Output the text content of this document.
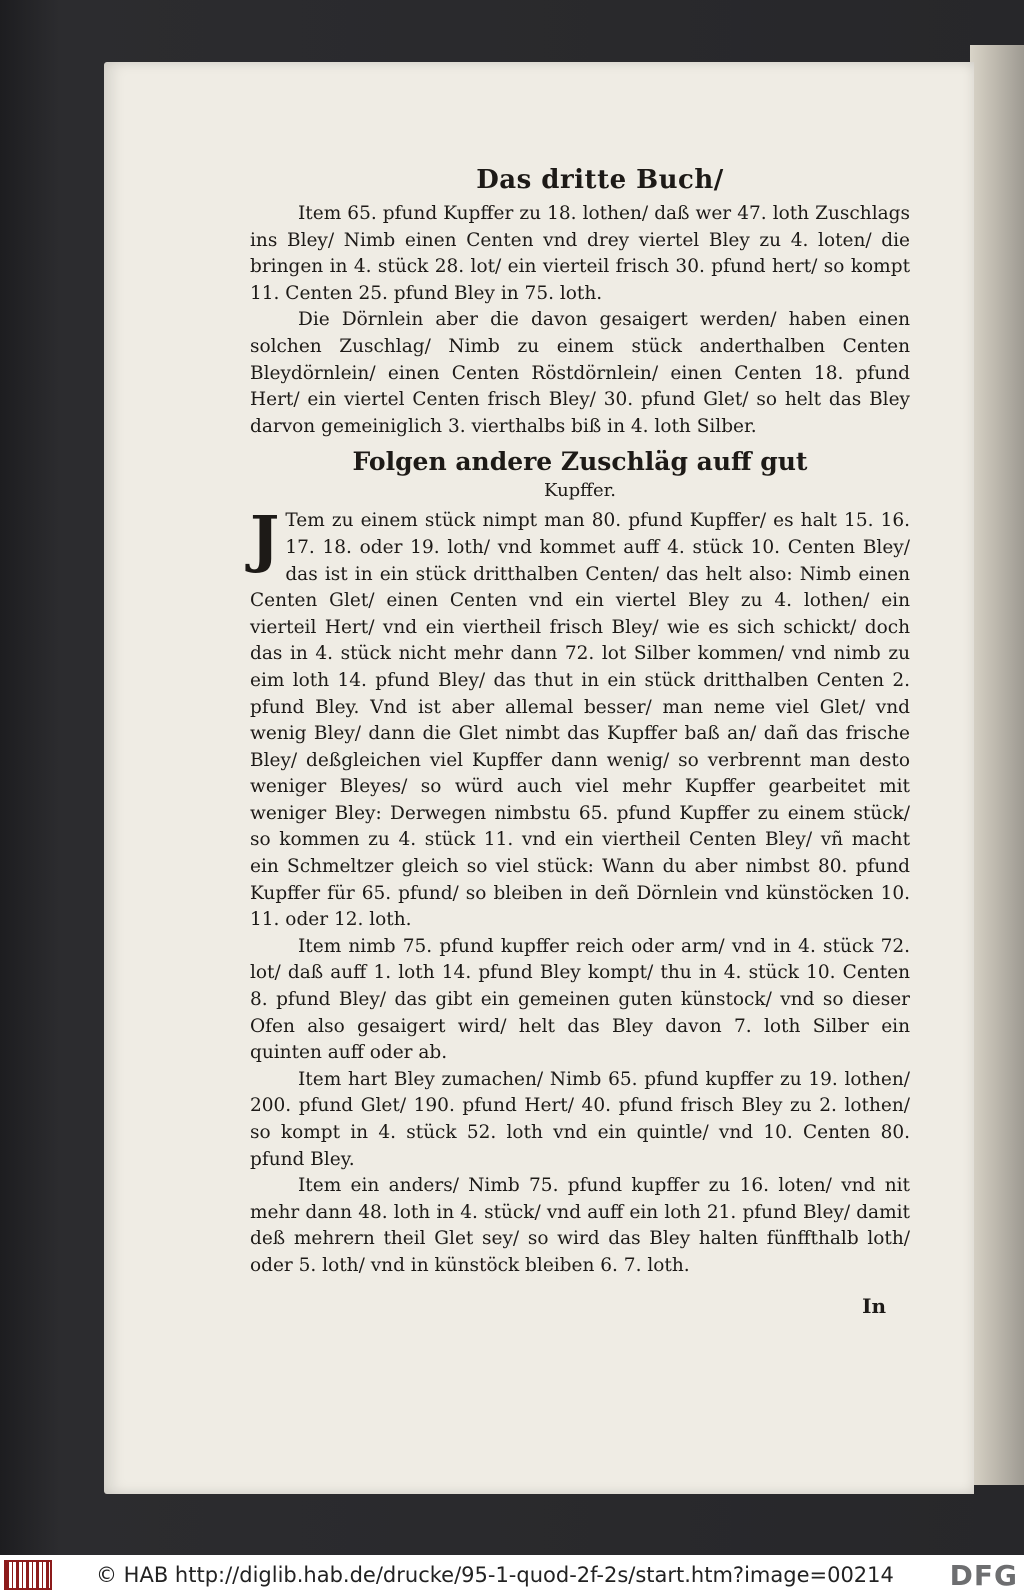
Das dritte Buch/

Item 65. pfund Kupffer zu 18. lothen/ daß wer 47. loth Zuschlags ins Bley/ Nimb einen Centen vnd drey viertel Bley zu 4. loten/ die bringen in 4. stück 28. lot/ ein vierteil frisch 30. pfund hert/ so kompt 11. Centen 25. pfund Bley in 75. loth.

Die Dörnlein aber die davon gesaigert werden/ haben einen solchen Zuschlag/ Nimb zu einem stück anderthalben Centen Bleydörnlein/ einen Centen Röstdörnlein/ einen Centen 18. pfund Hert/ ein viertel Centen frisch Bley/ 30. pfund Glet/ so helt das Bley darvon gemeiniglich 3. vierthalbs biß in 4. loth Silber.

Folgen andere Zuschläg auff gut
Kupffer.

J Tem zu einem stück nimpt man 80. pfund Kupffer/ es halt 15. 16. 17. 18. oder 19. loth/ vnd kommet auff 4. stück 10. Centen Bley/ das ist in ein stück dritthalben Centen/ das helt also: Nimb einen Centen Glet/ einen Centen vnd ein viertel Bley zu 4. lothen/ ein vierteil Hert/ vnd ein viertheil frisch Bley/ wie es sich schickt/ doch das in 4. stück nicht mehr dann 72. lot Silber kommen/ vnd nimb zu eim loth 14. pfund Bley/ das thut in ein stück dritthalben Centen 2. pfund Bley. Vnd ist aber allemal besser/ man neme viel Glet/ vnd wenig Bley/ dann die Glet nimbt das Kupffer baß an/ dañ das frische Bley/ deßgleichen viel Kupffer dann wenig/ so verbrennt man desto weniger Bleyes/ so würd auch viel mehr Kupffer gearbeitet mit weniger Bley: Derwegen nimbstu 65. pfund Kupffer zu einem stück/ so kommen zu 4. stück 11. vnd ein viertheil Centen Bley/ vñ macht ein Schmeltzer gleich so viel stück: Wann du aber nimbst 80. pfund Kupffer für 65. pfund/ so bleiben in deñ Dörnlein vnd künstöcken 10. 11. oder 12. loth.

Item nimb 75. pfund kupffer reich oder arm/ vnd in 4. stück 72. lot/ daß auff 1. loth 14. pfund Bley kompt/ thu in 4. stück 10. Centen 8. pfund Bley/ das gibt ein gemeinen guten künstock/ vnd so dieser Ofen also gesaigert wird/ helt das Bley davon 7. loth Silber ein quinten auff oder ab.

Item hart Bley zumachen/ Nimb 65. pfund kupffer zu 19. lothen/ 200. pfund Glet/ 190. pfund Hert/ 40. pfund frisch Bley zu 2. lothen/ so kompt in 4. stück 52. loth vnd ein quintle/ vnd 10. Centen 80. pfund Bley.

Item ein anders/ Nimb 75. pfund kupffer zu 16. loten/ vnd nit mehr dann 48. loth in 4. stück/ vnd auff ein loth 21. pfund Bley/ damit deß mehrern theil Glet sey/ so wird das Bley halten fünffthalb loth/ oder 5. loth/ vnd in künstöck bleiben 6. 7. loth.

In
© HAB http://diglib.hab.de/drucke/95-1-quod-2f-2s/start.htm?image=00214 DFG
